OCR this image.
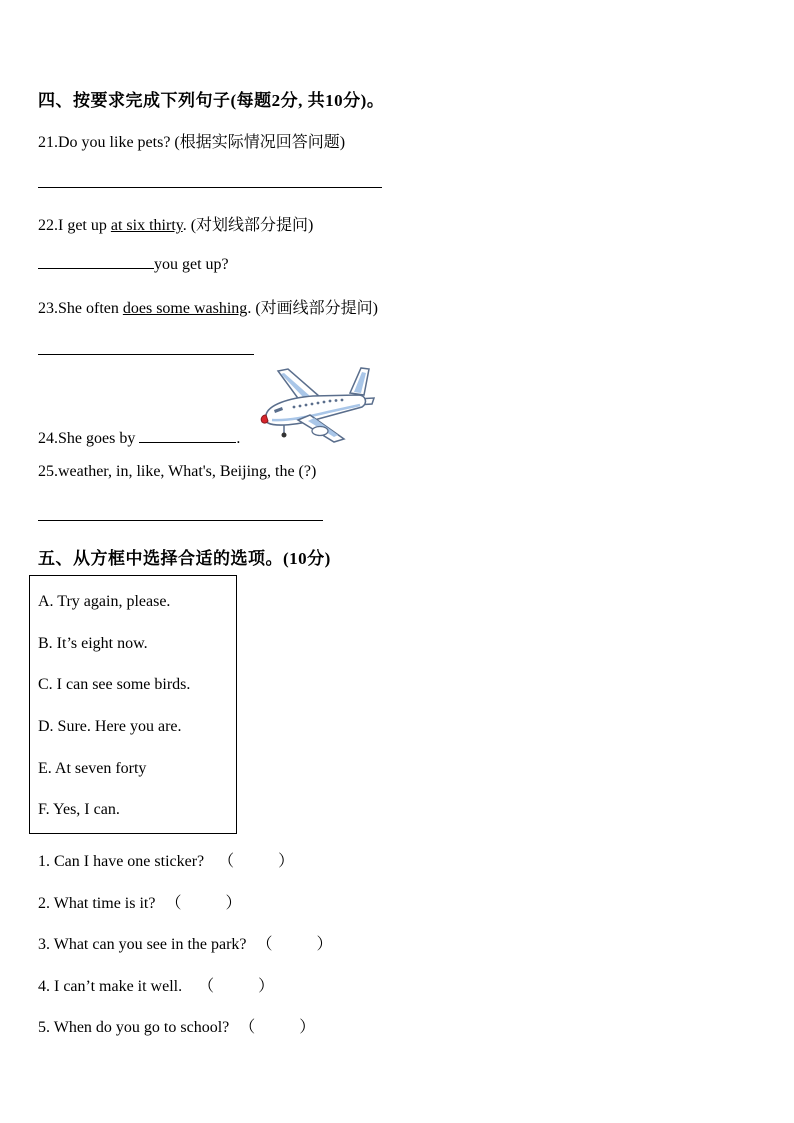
四、按要求完成下列句子(每题2分, 共10分)。
21.Do you like pets? (根据实际情况回答问题)
22.I get up at six thirty. (对划线部分提问)
you get up?
23.She often does some washing. (对画线部分提问)
24.She goes by	.
25.weather, in, like, What's, Beijing, the (?)
五、从方框中选择合适的选项。(10分)
A. Try again, please.
B. It’s eight now.
C. I can see some birds.
D. Sure. Here you are.
E. At seven forty
F. Yes, I can.
1. Can I have one sticker? （	）
2. What time is it? （	）
3. What can you see in the park? （	）
4. I can’t make it well. （	）
5. When do you go to school? （	）
